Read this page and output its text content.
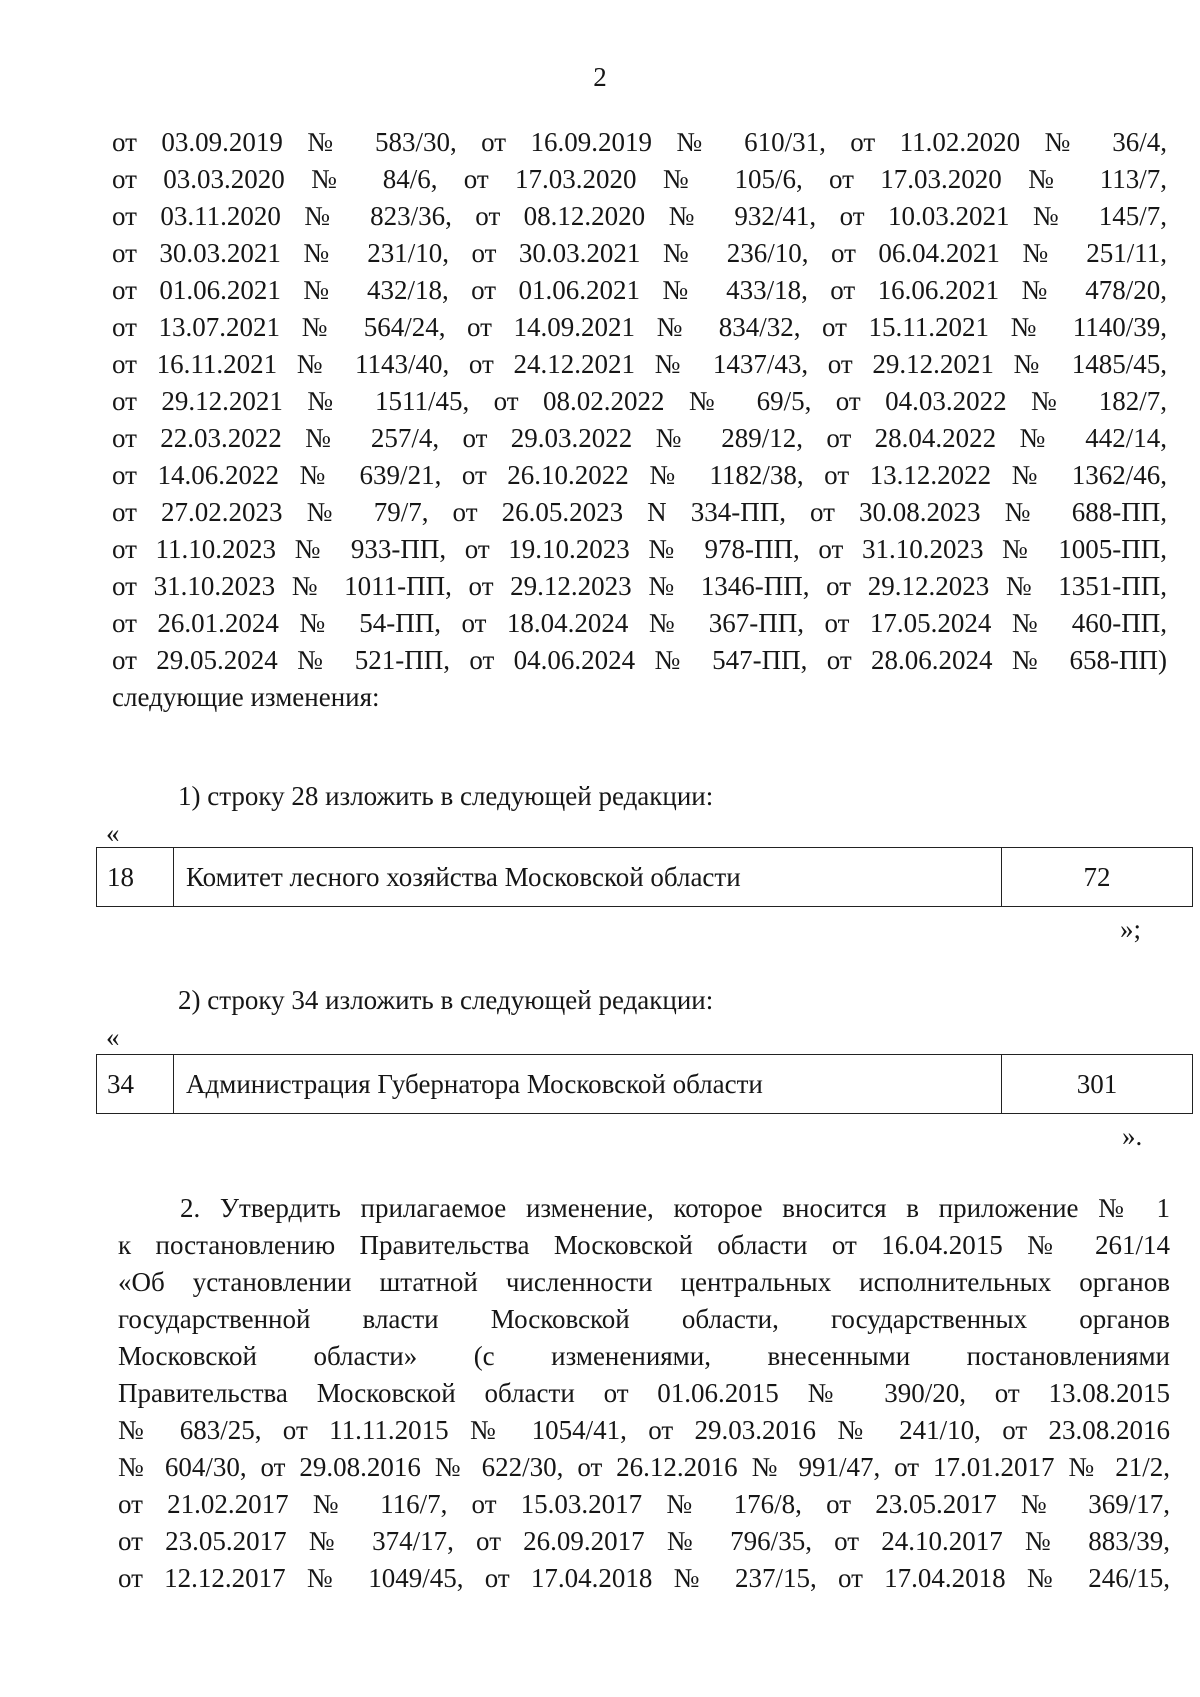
2
от 03.09.2019 № 583/30, от 16.09.2019 № 610/31, от 11.02.2020 № 36/4,
от 03.03.2020 № 84/6, от 17.03.2020 № 105/6, от 17.03.2020 № 113/7,
от 03.11.2020 № 823/36, от 08.12.2020 № 932/41, от 10.03.2021 № 145/7,
от 30.03.2021 № 231/10, от 30.03.2021 № 236/10, от 06.04.2021 № 251/11,
от 01.06.2021 № 432/18, от 01.06.2021 № 433/18, от 16.06.2021 № 478/20,
от 13.07.2021 № 564/24, от 14.09.2021 № 834/32, от 15.11.2021 № 1140/39,
от 16.11.2021 № 1143/40, от 24.12.2021 № 1437/43, от 29.12.2021 № 1485/45,
от 29.12.2021 № 1511/45, от 08.02.2022 № 69/5, от 04.03.2022 № 182/7,
от 22.03.2022 № 257/4, от 29.03.2022 № 289/12, от 28.04.2022 № 442/14,
от 14.06.2022 № 639/21, от 26.10.2022 № 1182/38, от 13.12.2022 № 1362/46,
от 27.02.2023 № 79/7, от 26.05.2023 N 334-ПП, от 30.08.2023 № 688-ПП,
от 11.10.2023 № 933-ПП, от 19.10.2023 № 978-ПП, от 31.10.2023 № 1005-ПП,
от 31.10.2023 № 1011-ПП, от 29.12.2023 № 1346-ПП, от 29.12.2023 № 1351-ПП,
от 26.01.2024 № 54-ПП, от 18.04.2024 № 367-ПП, от 17.05.2024 № 460-ПП,
от 29.05.2024 № 521-ПП, от 04.06.2024 № 547-ПП, от 28.06.2024 № 658-ПП)
следующие изменения:
1) строку 28 изложить в следующей редакции:
«
18	Комитет лесного хозяйства Московской области	72
»;
2) строку 34 изложить в следующей редакции:
«
34	Администрация Губернатора Московской области	301
».
2. Утвердить прилагаемое изменение, которое вносится в приложение № 1
к постановлению Правительства Московской области от 16.04.2015 № 261/14
«Об установлении штатной численности центральных исполнительных органов
государственной власти Московской области, государственных органов
Московской области» (с изменениями, внесенными постановлениями
Правительства Московской области от 01.06.2015 № 390/20, от 13.08.2015
№ 683/25, от 11.11.2015 № 1054/41, от 29.03.2016 № 241/10, от 23.08.2016
№ 604/30, от 29.08.2016 № 622/30, от 26.12.2016 № 991/47, от 17.01.2017 № 21/2,
от 21.02.2017 № 116/7, от 15.03.2017 № 176/8, от 23.05.2017 № 369/17,
от 23.05.2017 № 374/17, от 26.09.2017 № 796/35, от 24.10.2017 № 883/39,
от 12.12.2017 № 1049/45, от 17.04.2018 № 237/15, от 17.04.2018 № 246/15,
